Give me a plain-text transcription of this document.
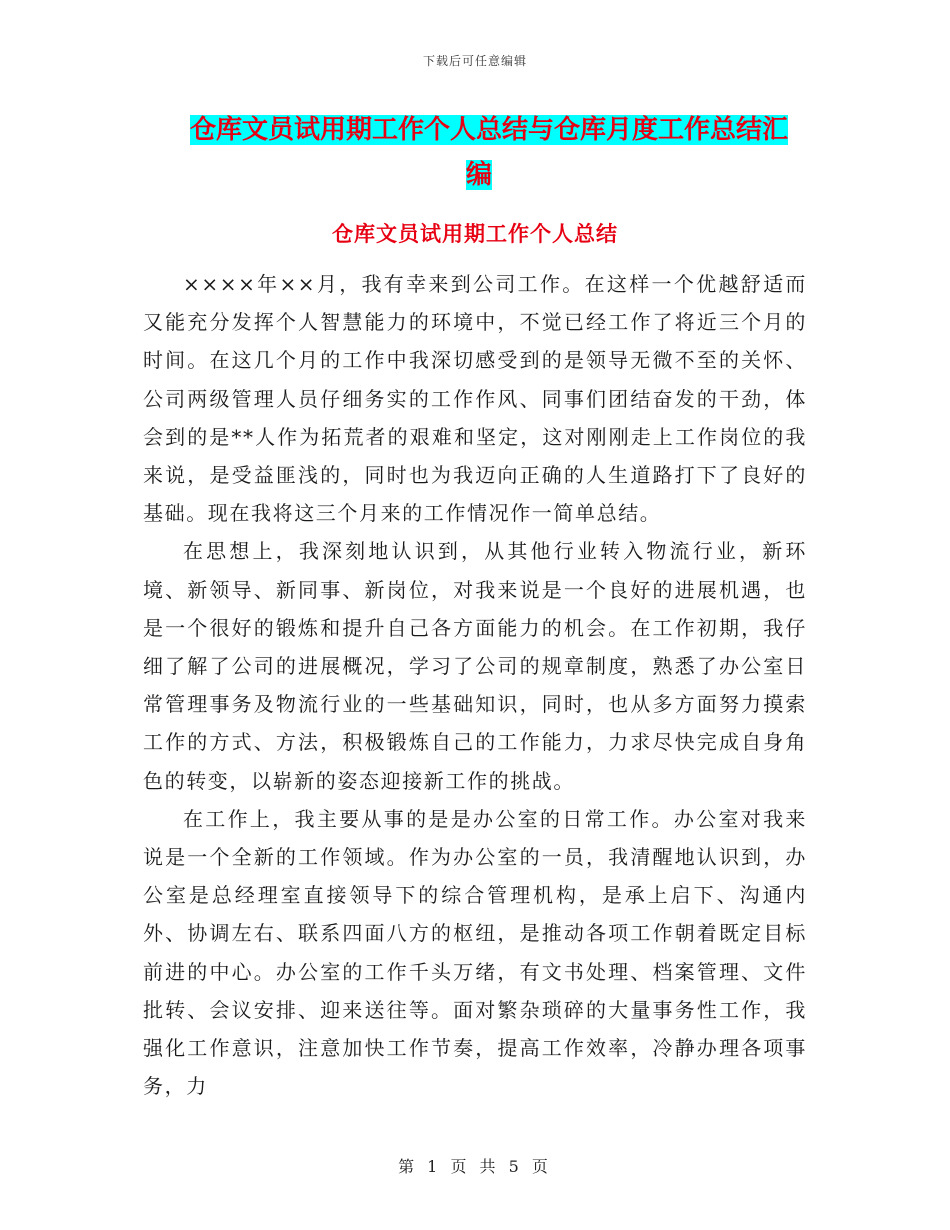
下载后可任意编辑
仓库文员试用期工作个人总结与仓库月度工作总结汇
编
仓库文员试用期工作个人总结

××××年××月，我有幸来到公司工作。在这样一个优越舒适而又能充分发挥个人智慧能力的环境中，不觉已经工作了将近三个月的时间。在这几个月的工作中我深切感受到的是领导无微不至的关怀、公司两级管理人员仔细务实的工作作风、同事们团结奋发的干劲，体会到的是**人作为拓荒者的艰难和坚定，这对刚刚走上工作岗位的我来说，是受益匪浅的，同时也为我迈向正确的人生道路打下了良好的基础。现在我将这三个月来的工作情况作一简单总结。

在思想上，我深刻地认识到，从其他行业转入物流行业，新环境、新领导、新同事、新岗位，对我来说是一个良好的进展机遇，也是一个很好的锻炼和提升自己各方面能力的机会。在工作初期，我仔细了解了公司的进展概况，学习了公司的规章制度，熟悉了办公室日常管理事务及物流行业的一些基础知识，同时，也从多方面努力摸索工作的方式、方法，积极锻炼自己的工作能力，力求尽快完成自身角色的转变，以崭新的姿态迎接新工作的挑战。

在工作上，我主要从事的是是办公室的日常工作。办公室对我来说是一个全新的工作领域。作为办公室的一员，我清醒地认识到，办公室是总经理室直接领导下的综合管理机构，是承上启下、沟通内外、协调左右、联系四面八方的枢纽，是推动各项工作朝着既定目标前进的中心。办公室的工作千头万绪，有文书处理、档案管理、文件批转、会议安排、迎来送往等。面对繁杂琐碎的大量事务性工作，我强化工作意识，注意加快工作节奏，提高工作效率，冷静办理各项事务，力

第 1 页 共 5 页
